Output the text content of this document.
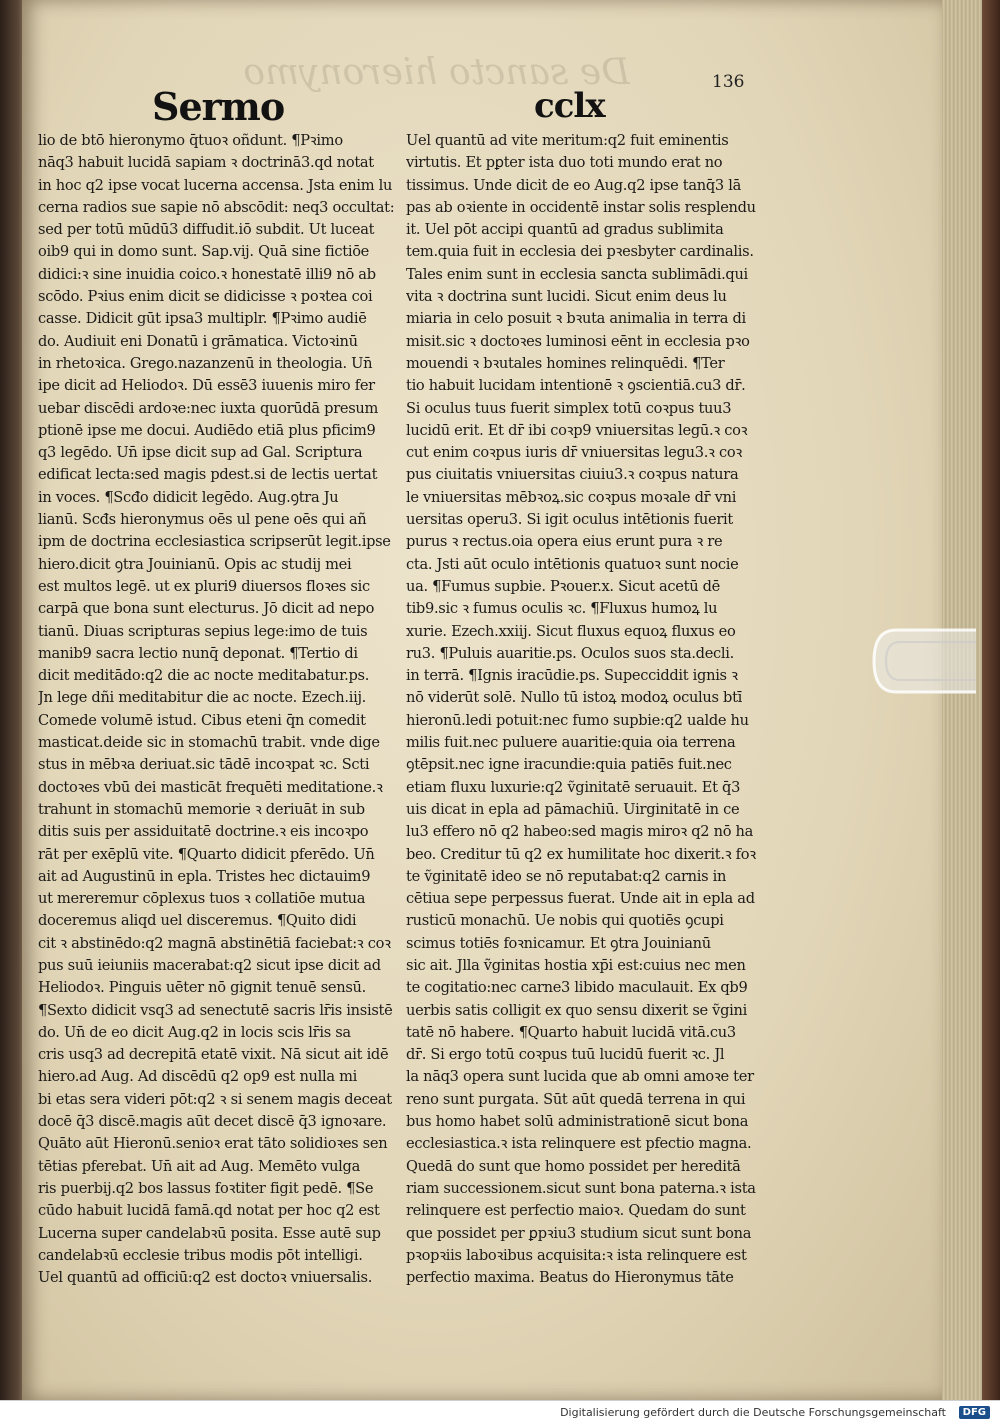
De sancto hieronymo
Sermo	cclx
136
lio de btō hieronymo q̄tuoꝛ oñdunt. ¶Pꝛimo
nāq3 habuit lucidā sapiam ꝛ doctrinā3.qd notat
in hoc q2 ipse vocat lucerna accensa. Jsta enim lu
cerna radios sue sapie nō abscōdit: neq3 occultat:
sed per totū mūdū3 diffudit.iō subdit. Ut luceat
oib9 qui in domo sunt. Sap.vij. Quā sine fictiōe
didici:ꝛ sine inuidia coico.ꝛ honestatē illi9 nō ab
scōdo. Pꝛius enim dicit se didicisse ꝛ poꝛtea coi
casse. Didicit gūt ipsa3 multiplr. ¶Pꝛimo audiē
do. Audiuit eni Donatū i grāmatica. Victoꝛinū
in rhetoꝛica. Grego.nazanzenū in theologia. Un̄
ipe dicit ad Heliodoꝛ. Dū essē3 iuuenis miro fer
uebar discēdi ardoꝛe:nec iuxta quorūdā presum
ptionē ipse me docui. Audiēdo etiā plus pficim9
q3 legēdo. Un̄ ipse dicit sup ad Gal. Scriptura
edificat lecta:sed magis pdest.si de lectis uertat
in voces. ¶Scđo didicit legēdo. Aug.ꝯtra Ju
lianū. Scđs hieronymus oēs ul pene oēs qui añ
ipm de doctrina ecclesiastica scripserūt legit.ipse
hiero.dicit ꝯtra Jouinianū. Opis ac studij mei
est multos legē. ut ex pluri9 diuersos floꝛes sic
carpā que bona sunt electurus. Jō dicit ad nepo
tianū. Diuas scripturas sepius lege:imo de tuis
manib9 sacra lectio nunq̄ deponat. ¶Tertio di
dicit meditādo:q2 die ac nocte meditabatur.ps.
Jn lege dñi meditabitur die ac nocte. Ezech.iij.
Comede volumē istud. Cibus eteni q̄n comedit
masticat.deide sic in stomachū trabit. vnde dige
stus in mēbꝛa deriuat.sic tādē incoꝛpat ꝛc. Scti
doctoꝛes vbū dei masticāt frequēti meditatione.ꝛ
trahunt in stomachū memorie ꝛ deriuāt in sub
ditis suis per assiduitatē doctrine.ꝛ eis incoꝛpo
rāt per exēplū vite. ¶Quarto didicit pferēdo. Un̄
ait ad Augustinū in epla. Tristes hec dictauim9
ut mereremur cōplexus tuos ꝛ collatiōe mutua
doceremus aliqd uel disceremus. ¶Quito didi
cit ꝛ abstinēdo:q2 magnā abstinētiā faciebat:ꝛ coꝛ
pus suū ieiuniis macerabat:q2 sicut ipse dicit ad
Heliodoꝛ. Pinguis uēter nō gignit tenuē sensū.
¶Sexto didicit vsq3 ad senectutē sacris lr̄is insistē
do. Un̄ de eo dicit Aug.q2 in locis scis lr̄is sa
cris usq3 ad decrepitā etatē vixit. Nā sicut ait idē
hiero.ad Aug. Ad discēdū q2 op9 est nulla mi
bi etas sera videri pōt:q2 ꝛ si senem magis deceat
docē q̄3 discē.magis aūt decet discē q̄3 ignoꝛare.
Quāto aūt Hieronū.senioꝛ erat tāto solidioꝛes sen
tētias pferebat. Un̄ ait ad Aug. Memēto vulga
ris puerbij.q2 bos lassus foꝛtiter figit pedē. ¶Se
cūdo habuit lucidā famā.qd notat per hoc q2 est
Lucerna super candelabꝛū posita. Esse autē sup
candelabꝛū ecclesie tribus modis pōt intelligi.
Uel quantū ad officiū:q2 est doctoꝛ vniuersalis.
Uel quantū ad vite meritum:q2 fuit eminentis
virtutis. Et pꝑter ista duo toti mundo erat no
tissimus. Unde dicit de eo Aug.q2 ipse tanq̄3 lā
pas ab oꝛiente in occidentē instar solis resplendu
it. Uel pōt accipi quantū ad gradus sublimita
tem.quia fuit in ecclesia dei pꝛesbyter cardinalis.
Tales enim sunt in ecclesia sancta sublimādi.qui
vita ꝛ doctrina sunt lucidi. Sicut enim deus lu
miaria in celo posuit ꝛ bꝛuta animalia in terra di
misit.sic ꝛ doctoꝛes luminosi eēnt in ecclesia pꝛo
mouendi ꝛ bꝛutales homines relinquēdi. ¶Ter
tio habuit lucidam intentionē ꝛ ꝯscientiā.cu3 dr̄.
Si oculus tuus fuerit simplex totū coꝛpus tuu3
lucidū erit. Et dr̄ ibi coꝛp9 vniuersitas legū.ꝛ coꝛ
cut enim coꝛpus iuris dr̄ vniuersitas legu3.ꝛ coꝛ
pus ciuitatis vniuersitas ciuiu3.ꝛ coꝛpus natura
le vniuersitas mēbꝛoꝝ.sic coꝛpus moꝛale dr̄ vni
uersitas operu3. Si igit oculus intētionis fuerit
purus ꝛ rectus.oia opera eius erunt pura ꝛ re
cta. Jsti aūt oculo intētionis quatuoꝛ sunt nocie
ua. ¶Fumus supbie. Pꝛouer.x. Sicut acetū dē
tib9.sic ꝛ fumus oculis ꝛc. ¶Fluxus humoꝝ lu
xurie. Ezech.xxiij. Sicut fluxus equoꝝ fluxus eo
ru3. ¶Puluis auaritie.ps. Oculos suos sta.decli.
in terrā. ¶Ignis iracūdie.ps. Supecciddit ignis ꝛ
nō viderūt solē. Nullo tū istoꝝ modoꝝ oculus btī
hieronū.ledi potuit:nec fumo supbie:q2 ualde hu
milis fuit.nec puluere auaritie:quia oia terrena
ꝯtēpsit.nec igne iracundie:quia patiēs fuit.nec
etiam fluxu luxurie:q2 ṽginitatē seruauit. Et q̄3
uis dicat in epla ad pāmachiū. Uirginitatē in ce
lu3 effero nō q2 habeo:sed magis miroꝛ q2 nō ha
beo. Creditur tū q2 ex humilitate hoc dixerit.ꝛ foꝛ
te ṽginitatē ideo se nō reputabat:q2 carnis in
cētiua sepe perpessus fuerat. Unde ait in epla ad
rusticū monachū. Ue nobis qui quotiēs ꝯcupi
scimus totiēs foꝛnicamur. Et ꝯtra Jouinianū
sic ait. Jlla ṽginitas hostia xp̄i est:cuius nec men
te cogitatio:nec carne3 libido maculauit. Ex qb9
uerbis satis colligit ex quo sensu dixerit se ṽgini
tatē nō habere. ¶Quarto habuit lucidā vitā.cu3
dr̄. Si ergo totū coꝛpus tuū lucidū fuerit ꝛc. Jl
la nāq3 opera sunt lucida que ab omni amoꝛe ter
reno sunt purgata. Sūt aūt quedā terrena in qui
bus homo habet solū administrationē sicut bona
ecclesiastica.ꝛ ista relinquere est pfectio magna.
Quedā do sunt que homo possidet per hereditā
riam successionem.sicut sunt bona paterna.ꝛ ista
relinquere est perfectio maioꝛ. Quedam do sunt
que possidet per ꝑpꝛiu3 studium sicut sunt bona
pꝛopꝛiis laboꝛibus acquisita:ꝛ ista relinquere est
perfectio maxima. Beatus do Hieronymus tāte
Digitalisierung gefördert durch die Deutsche Forschungsgemeinschaft	DFG
